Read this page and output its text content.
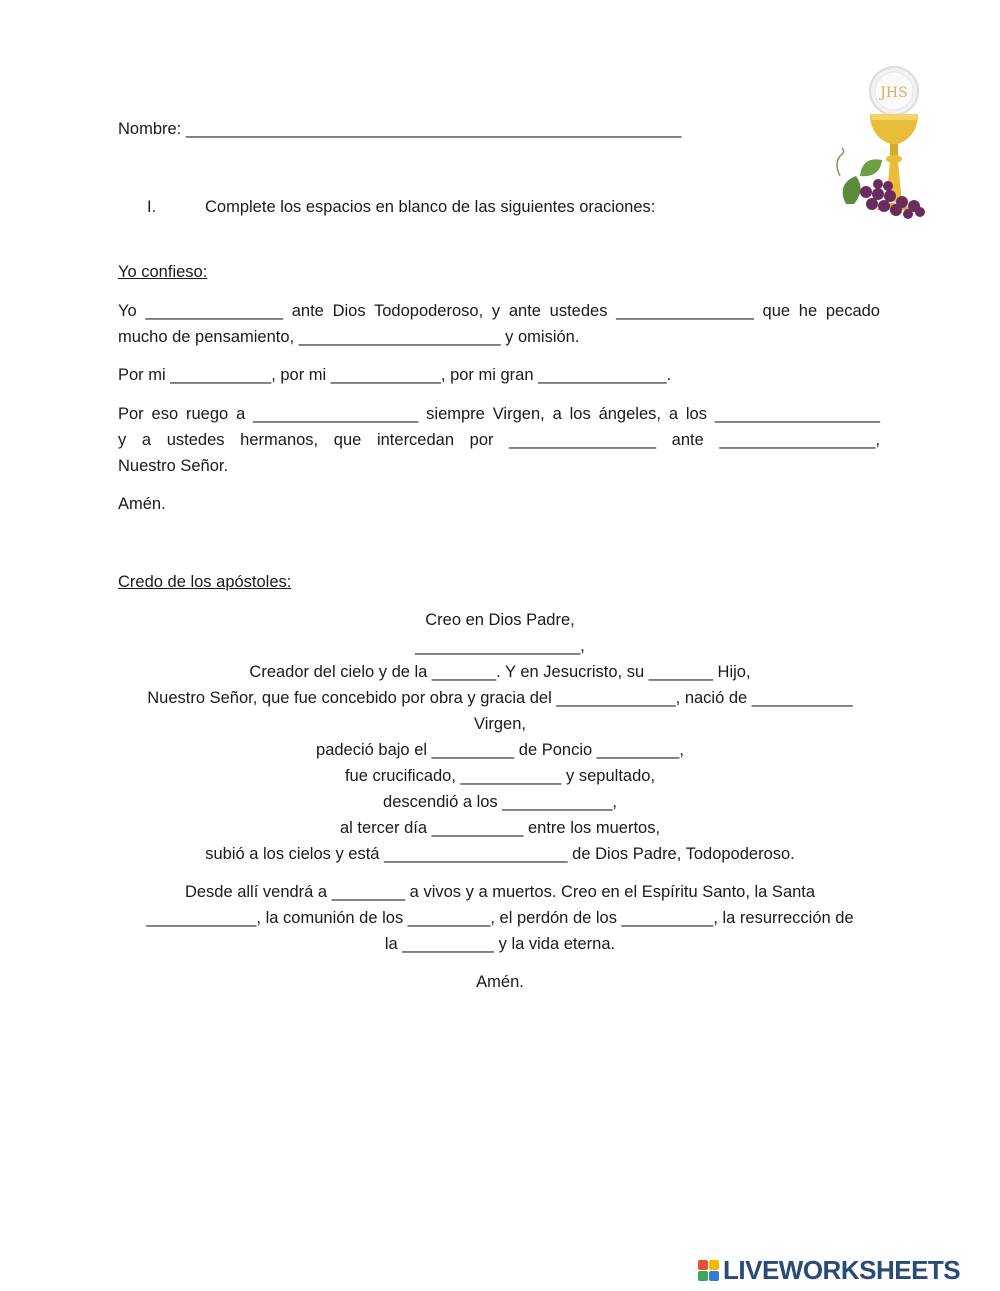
Nombre: ______________________________________________________
I.	Complete los espacios en blanco de las siguientes oraciones:
Yo confieso:
Yo _______________ ante Dios Todopoderoso, y ante ustedes _______________ que he pecado
mucho de pensamiento, ______________________ y omisión.
Por mi ___________, por mi ____________, por mi gran ______________.
Por eso ruego a __________________ siempre Virgen, a los ángeles, a los __________________
y a ustedes hermanos, que intercedan por ________________ ante _________________,
Nuestro Señor.
Amén.
Credo de los apóstoles:
Creo en Dios Padre,
__________________,
Creador del cielo y de la _______. Y en Jesucristo, su _______ Hijo,
Nuestro Señor, que fue concebido por obra y gracia del _____________, nació de ___________
Virgen,
padeció bajo el _________ de Poncio _________,
fue crucificado, ___________ y sepultado,
descendió a los ____________,
al tercer día __________ entre los muertos,
subió a los cielos y está ____________________ de Dios Padre, Todopoderoso.
Desde allí vendrá a ________ a vivos y a muertos. Creo en el Espíritu Santo, la Santa
____________, la comunión de los _________, el perdón de los __________, la resurrección de
la __________ y la vida eterna.
Amén.
JHS
LIVEWORKSHEETS
